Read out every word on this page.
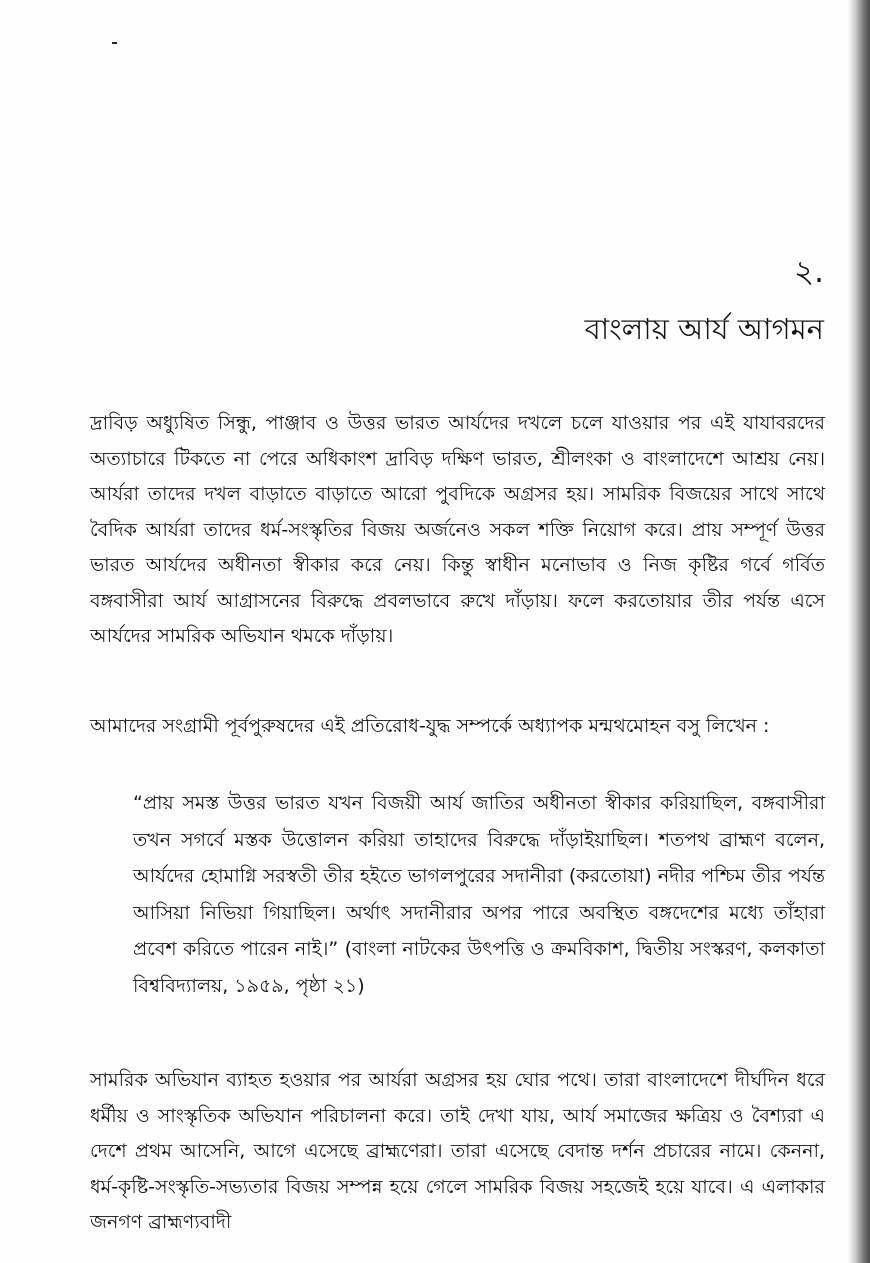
২.
বাংলায় আর্য আগমন

দ্রাবিড় অধ্যুষিত সিন্ধু, পাঞ্জাব ও উত্তর ভারত আর্যদের দখলে চলে যাওয়ার পর এই যাযাবরদের অত্যাচারে টিকতে না পেরে অধিকাংশ দ্রাবিড় দক্ষিণ ভারত, শ্রীলংকা ও বাংলাদেশে আশ্রয় নেয়। আর্যরা তাদের দখল বাড়াতে বাড়াতে আরো পুবদিকে অগ্রসর হয়। সামরিক বিজয়ের সাথে সাথে বৈদিক আর্যরা তাদের ধর্ম-সংস্কৃতির বিজয় অর্জনেও সকল শক্তি নিয়োগ করে। প্রায় সম্পূর্ণ উত্তর ভারত আর্যদের অধীনতা স্বীকার করে নেয়। কিন্তু স্বাধীন মনোভাব ও নিজ কৃষ্টির গর্বে গর্বিত বঙ্গবাসীরা আর্য আগ্রাসনের বিরুদ্ধে প্রবলভাবে রুখে দাঁড়ায়। ফলে করতোয়ার তীর পর্যন্ত এসে আর্যদের সামরিক অভিযান থমকে দাঁড়ায়।

আমাদের সংগ্রামী পূর্বপুরুষদের এই প্রতিরোধ-যুদ্ধ সম্পর্কে অধ্যাপক মন্মথমোহন বসু লিখেন :

“প্রায় সমস্ত উত্তর ভারত যখন বিজয়ী আর্য জাতির অধীনতা স্বীকার করিয়াছিল, বঙ্গবাসীরা তখন সগর্বে মস্তক উত্তোলন করিয়া তাহাদের বিরুদ্ধে দাঁড়াইয়াছিল। শতপথ ব্রাহ্মণ বলেন, আর্যদের হোমাগ্নি সরস্বতী তীর হইতে ভাগলপুরের সদানীরা (করতোয়া) নদীর পশ্চিম তীর পর্যন্ত আসিয়া নিভিয়া গিয়াছিল। অর্থাৎ সদানীরার অপর পারে অবস্থিত বঙ্গদেশের মধ্যে তাঁহারা প্রবেশ করিতে পারেন নাই।” (বাংলা নাটকের উৎপত্তি ও ক্রমবিকাশ, দ্বিতীয় সংস্করণ, কলকাতা বিশ্ববিদ্যালয়, ১৯৫৯, পৃষ্ঠা ২১)

সামরিক অভিযান ব্যাহত হওয়ার পর আর্যরা অগ্রসর হয় ঘোর পথে। তারা বাংলাদেশে দীর্ঘদিন ধরে ধর্মীয় ও সাংস্কৃতিক অভিযান পরিচালনা করে। তাই দেখা যায়, আর্য সমাজের ক্ষত্রিয় ও বৈশ্যরা এ দেশে প্রথম আসেনি, আগে এসেছে ব্রাহ্মণেরা। তারা এসেছে বেদান্ত দর্শন প্রচারের নামে। কেননা, ধর্ম-কৃষ্টি-সংস্কৃতি-সভ্যতার বিজয় সম্পন্ন হয়ে গেলে সামরিক বিজয় সহজেই হয়ে যাবে। এ এলাকার জনগণ ব্রাহ্মণ্যবাদী
